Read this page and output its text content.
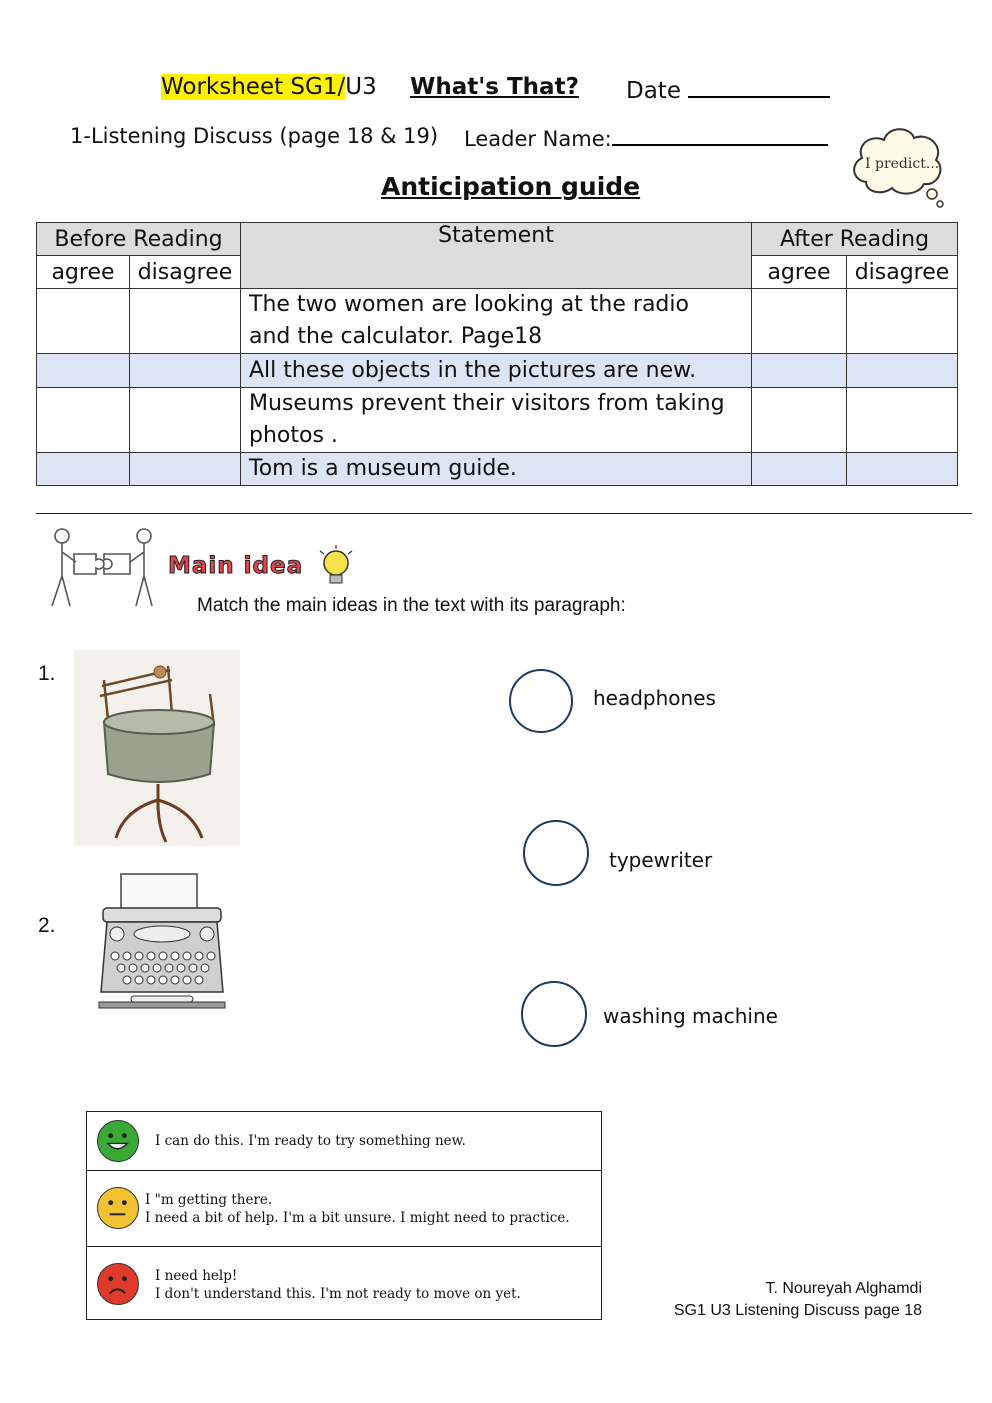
Worksheet SG1/U3 What's That? Date
1-Listening Discuss (page 18 & 19) Leader Name:
I predict...
Anticipation guide
Before Reading		Statement	After Reading	
agree	disagree		agree	disagree

		The two women are looking at the radio
and the calculator. Page18		

		All these objects in the pictures are new.		

		Museums prevent their visitors from taking
photos .		

		Tom is a museum guide.		
Main idea
Match the main ideas in the text with its paragraph:
1.
2.
headphones
typewriter
washing machine
I can do this. I'm ready to try something new.
I "m getting there.
I need a bit of help. I'm a bit unsure. I might need to practice.
I need help!
I don't understand this. I'm not ready to move on yet.	T. Noureyah Alghamdi
SG1 U3 Listening Discuss page 18
